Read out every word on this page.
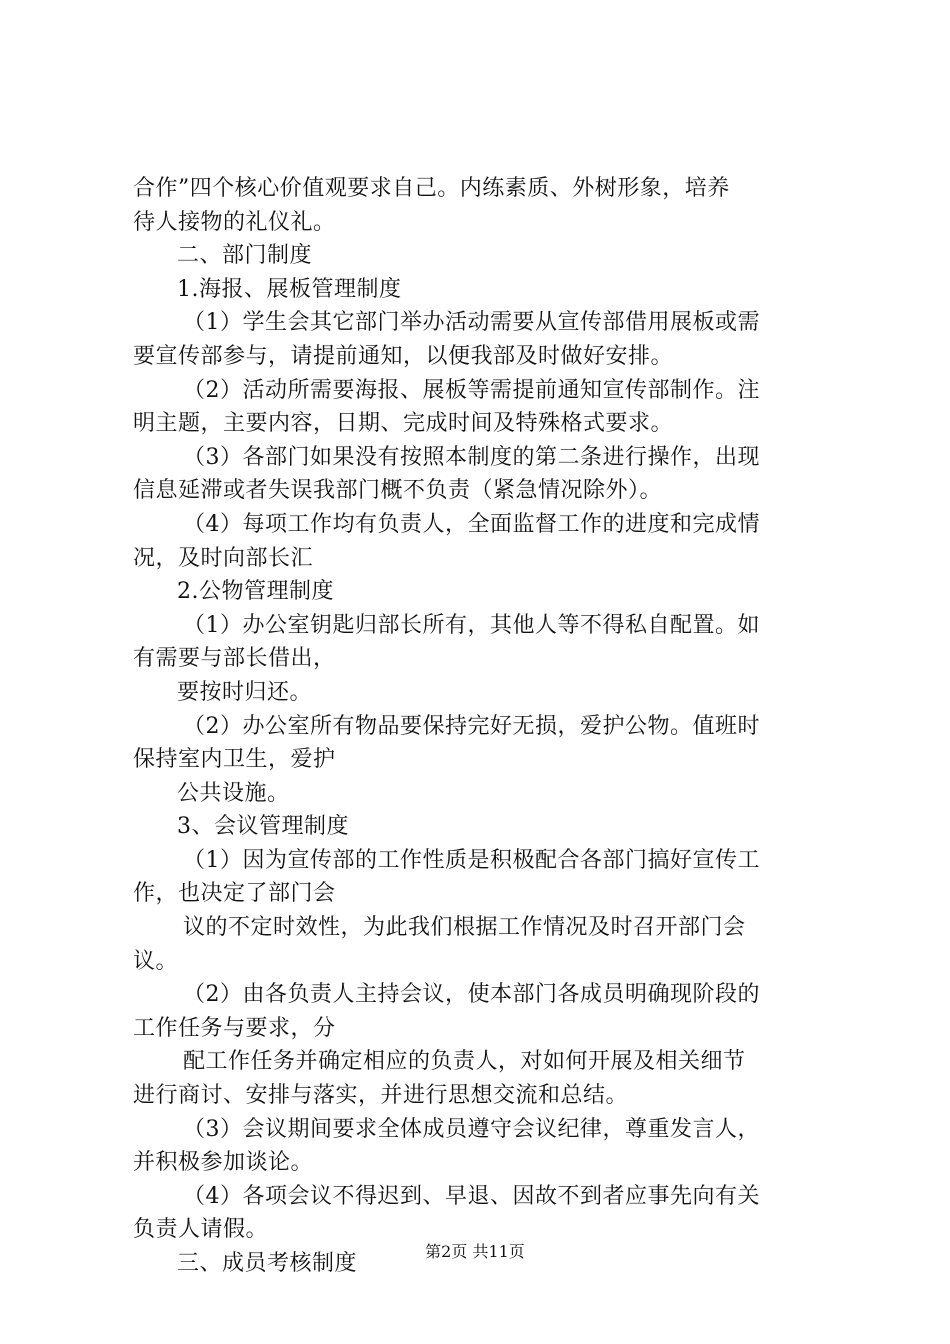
合作”四个核心价值观要求自己。内练素质、外树形象，培养
待人接物的礼仪礼。
二、部门制度
1.海报、展板管理制度
（1）学生会其它部门举办活动需要从宣传部借用展板或需
要宣传部参与，请提前通知，以便我部及时做好安排。
（2）活动所需要海报、展板等需提前通知宣传部制作。注
明主题，主要内容，日期、完成时间及特殊格式要求。
（3）各部门如果没有按照本制度的第二条进行操作，出现
信息延滞或者失误我部门概不负责（紧急情况除外）。
（4）每项工作均有负责人，全面监督工作的进度和完成情
况，及时向部长汇
2.公物管理制度
（1）办公室钥匙归部长所有，其他人等不得私自配置。如
有需要与部长借出，
要按时归还。
（2）办公室所有物品要保持完好无损，爱护公物。值班时
保持室内卫生，爱护
公共设施。
3、会议管理制度
（1）因为宣传部的工作性质是积极配合各部门搞好宣传工
作，也决定了部门会
议的不定时效性，为此我们根据工作情况及时召开部门会
议。
（2）由各负责人主持会议，使本部门各成员明确现阶段的
工作任务与要求，分
配工作任务并确定相应的负责人，对如何开展及相关细节
进行商讨、安排与落实，并进行思想交流和总结。
（3）会议期间要求全体成员遵守会议纪律，尊重发言人，
并积极参加谈论。
（4）各项会议不得迟到、早退、因故不到者应事先向有关
负责人请假。
三、成员考核制度	第2页 共11页
